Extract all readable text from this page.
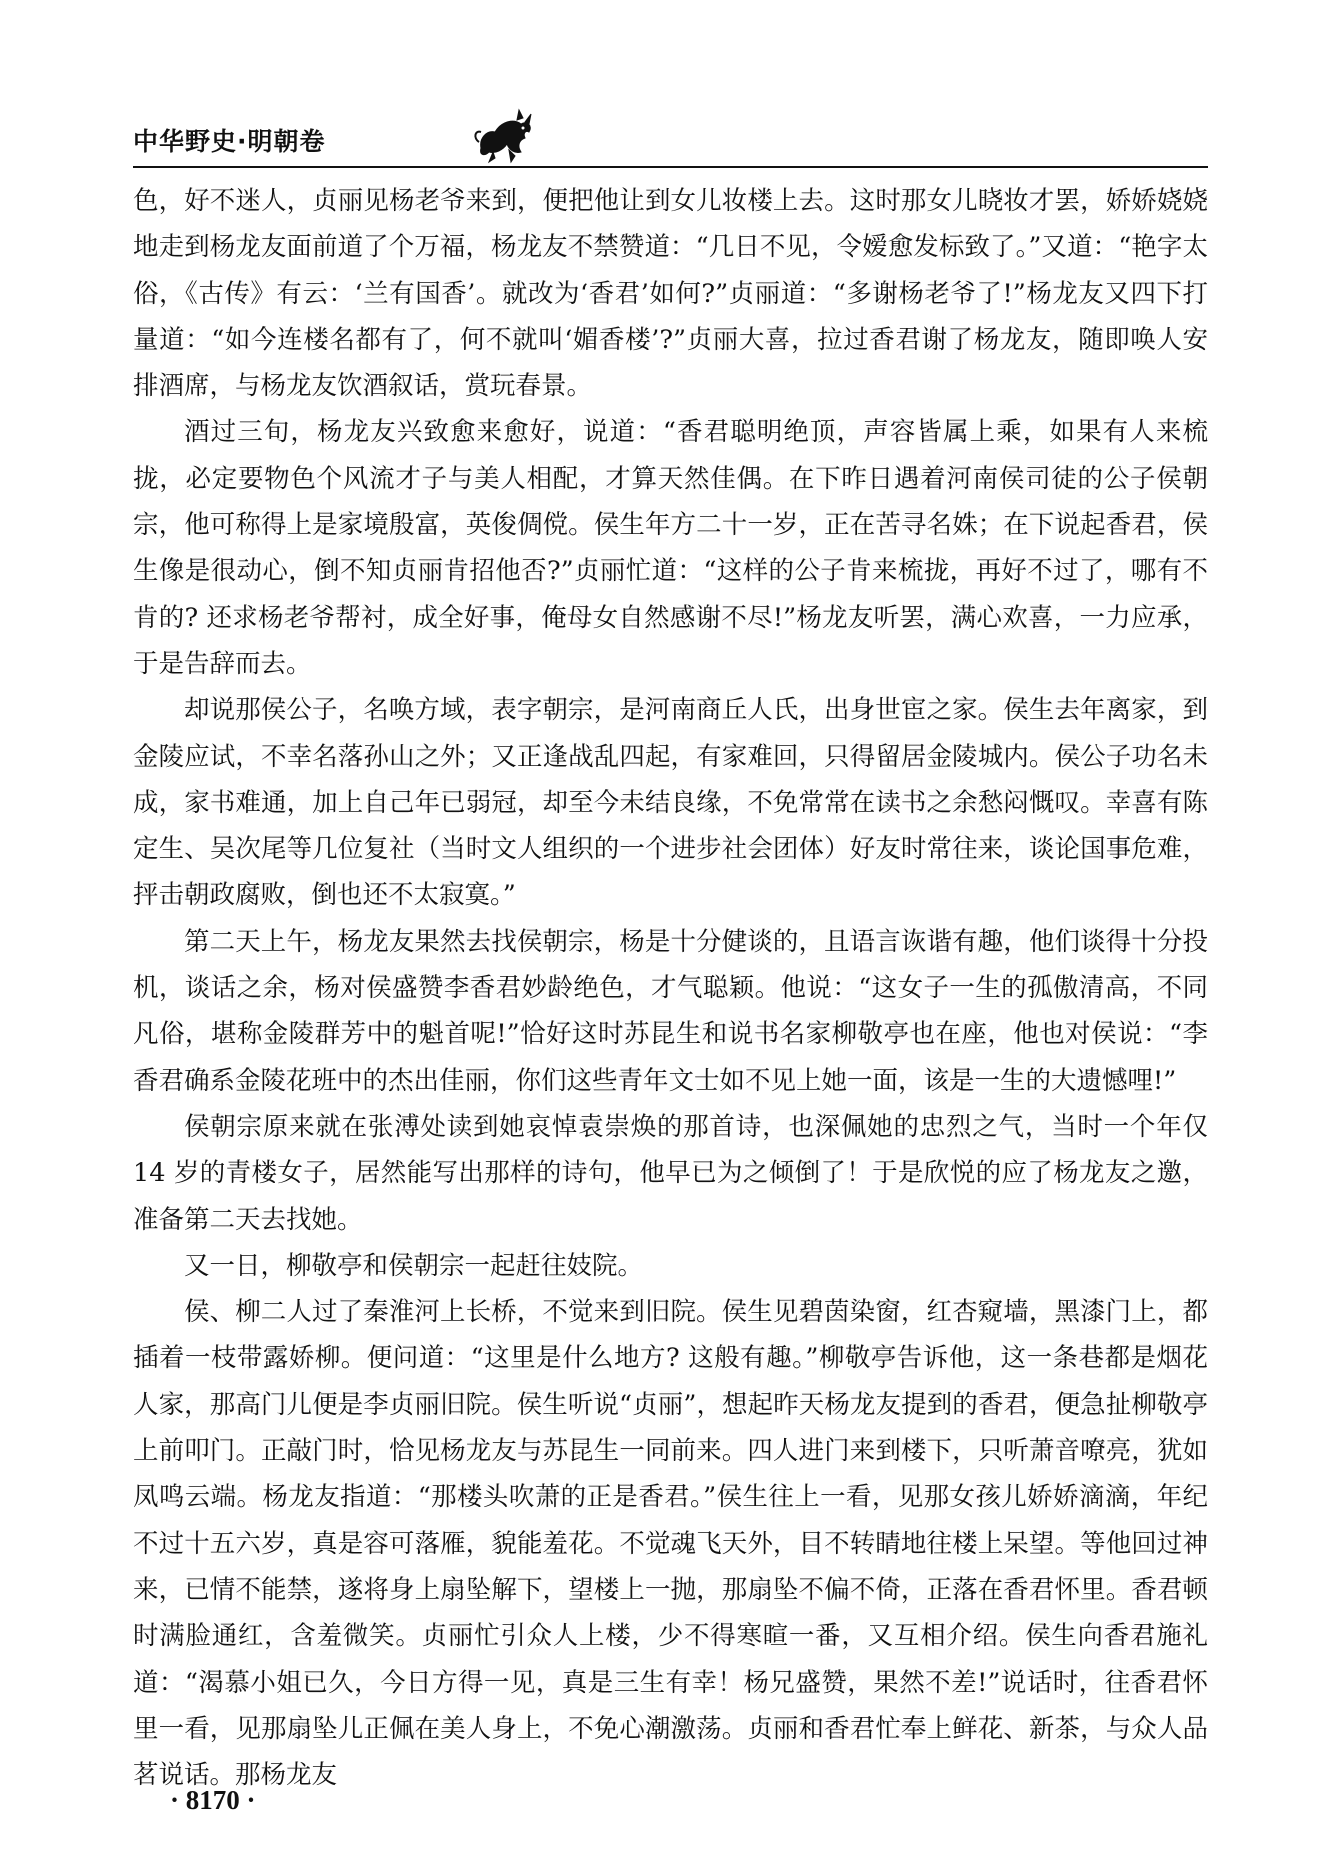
中华野史·明朝卷

色，好不迷人，贞丽见杨老爷来到，便把他让到女儿妆楼上去。这时那女儿晓妆才罢，娇娇娆娆地走到杨龙友面前道了个万福，杨龙友不禁赞道：“几日不见，令嫒愈发标致了。”又道：“艳字太俗，《古传》有云：‘兰有国香’。就改为‘香君’如何?”贞丽道：“多谢杨老爷了!”杨龙友又四下打量道：“如今连楼名都有了，何不就叫‘媚香楼’?”贞丽大喜，拉过香君谢了杨龙友，随即唤人安排酒席，与杨龙友饮酒叙话，赏玩春景。

酒过三旬，杨龙友兴致愈来愈好，说道：“香君聪明绝顶，声容皆属上乘，如果有人来梳拢，必定要物色个风流才子与美人相配，才算天然佳偶。在下昨日遇着河南侯司徒的公子侯朝宗，他可称得上是家境殷富，英俊倜傥。侯生年方二十一岁，正在苦寻名姝；在下说起香君，侯生像是很动心，倒不知贞丽肯招他否?”贞丽忙道：“这样的公子肯来梳拢，再好不过了，哪有不肯的? 还求杨老爷帮衬，成全好事，俺母女自然感谢不尽!”杨龙友听罢，满心欢喜，一力应承，于是告辞而去。

却说那侯公子，名唤方域，表字朝宗，是河南商丘人氏，出身世宦之家。侯生去年离家，到金陵应试，不幸名落孙山之外；又正逢战乱四起，有家难回，只得留居金陵城内。侯公子功名未成，家书难通，加上自己年已弱冠，却至今未结良缘，不免常常在读书之余愁闷慨叹。幸喜有陈定生、吴次尾等几位复社（当时文人组织的一个进步社会团体）好友时常往来，谈论国事危难，抨击朝政腐败，倒也还不太寂寞。”

第二天上午，杨龙友果然去找侯朝宗，杨是十分健谈的，且语言诙谐有趣，他们谈得十分投机，谈话之余，杨对侯盛赞李香君妙龄绝色，才气聪颖。他说：“这女子一生的孤傲清高，不同凡俗，堪称金陵群芳中的魁首呢!”恰好这时苏昆生和说书名家柳敬亭也在座，他也对侯说：“李香君确系金陵花班中的杰出佳丽，你们这些青年文士如不见上她一面，该是一生的大遗憾哩!”

侯朝宗原来就在张溥处读到她哀悼袁崇焕的那首诗，也深佩她的忠烈之气，当时一个年仅 14 岁的青楼女子，居然能写出那样的诗句，他早已为之倾倒了！于是欣悦的应了杨龙友之邀，准备第二天去找她。

又一日，柳敬亭和侯朝宗一起赶往妓院。

侯、柳二人过了秦淮河上长桥，不觉来到旧院。侯生见碧茵染窗，红杏窥墙，黑漆门上，都插着一枝带露娇柳。便问道：“这里是什么地方? 这般有趣。”柳敬亭告诉他，这一条巷都是烟花人家，那高门儿便是李贞丽旧院。侯生听说“贞丽”，想起昨天杨龙友提到的香君，便急扯柳敬亭上前叩门。正敲门时，恰见杨龙友与苏昆生一同前来。四人进门来到楼下，只听萧音嘹亮，犹如凤鸣云端。杨龙友指道：“那楼头吹萧的正是香君。”侯生往上一看，见那女孩儿娇娇滴滴，年纪不过十五六岁，真是容可落雁，貌能羞花。不觉魂飞天外，目不转睛地往楼上呆望。等他回过神来，已情不能禁，遂将身上扇坠解下，望楼上一抛，那扇坠不偏不倚，正落在香君怀里。香君顿时满脸通红，含羞微笑。贞丽忙引众人上楼，少不得寒暄一番，又互相介绍。侯生向香君施礼道：“渴慕小姐已久，今日方得一见，真是三生有幸！杨兄盛赞，果然不差!”说话时，往香君怀里一看，见那扇坠儿正佩在美人身上，不免心潮激荡。贞丽和香君忙奉上鲜花、新茶，与众人品茗说话。那杨龙友

· 8170 ·
